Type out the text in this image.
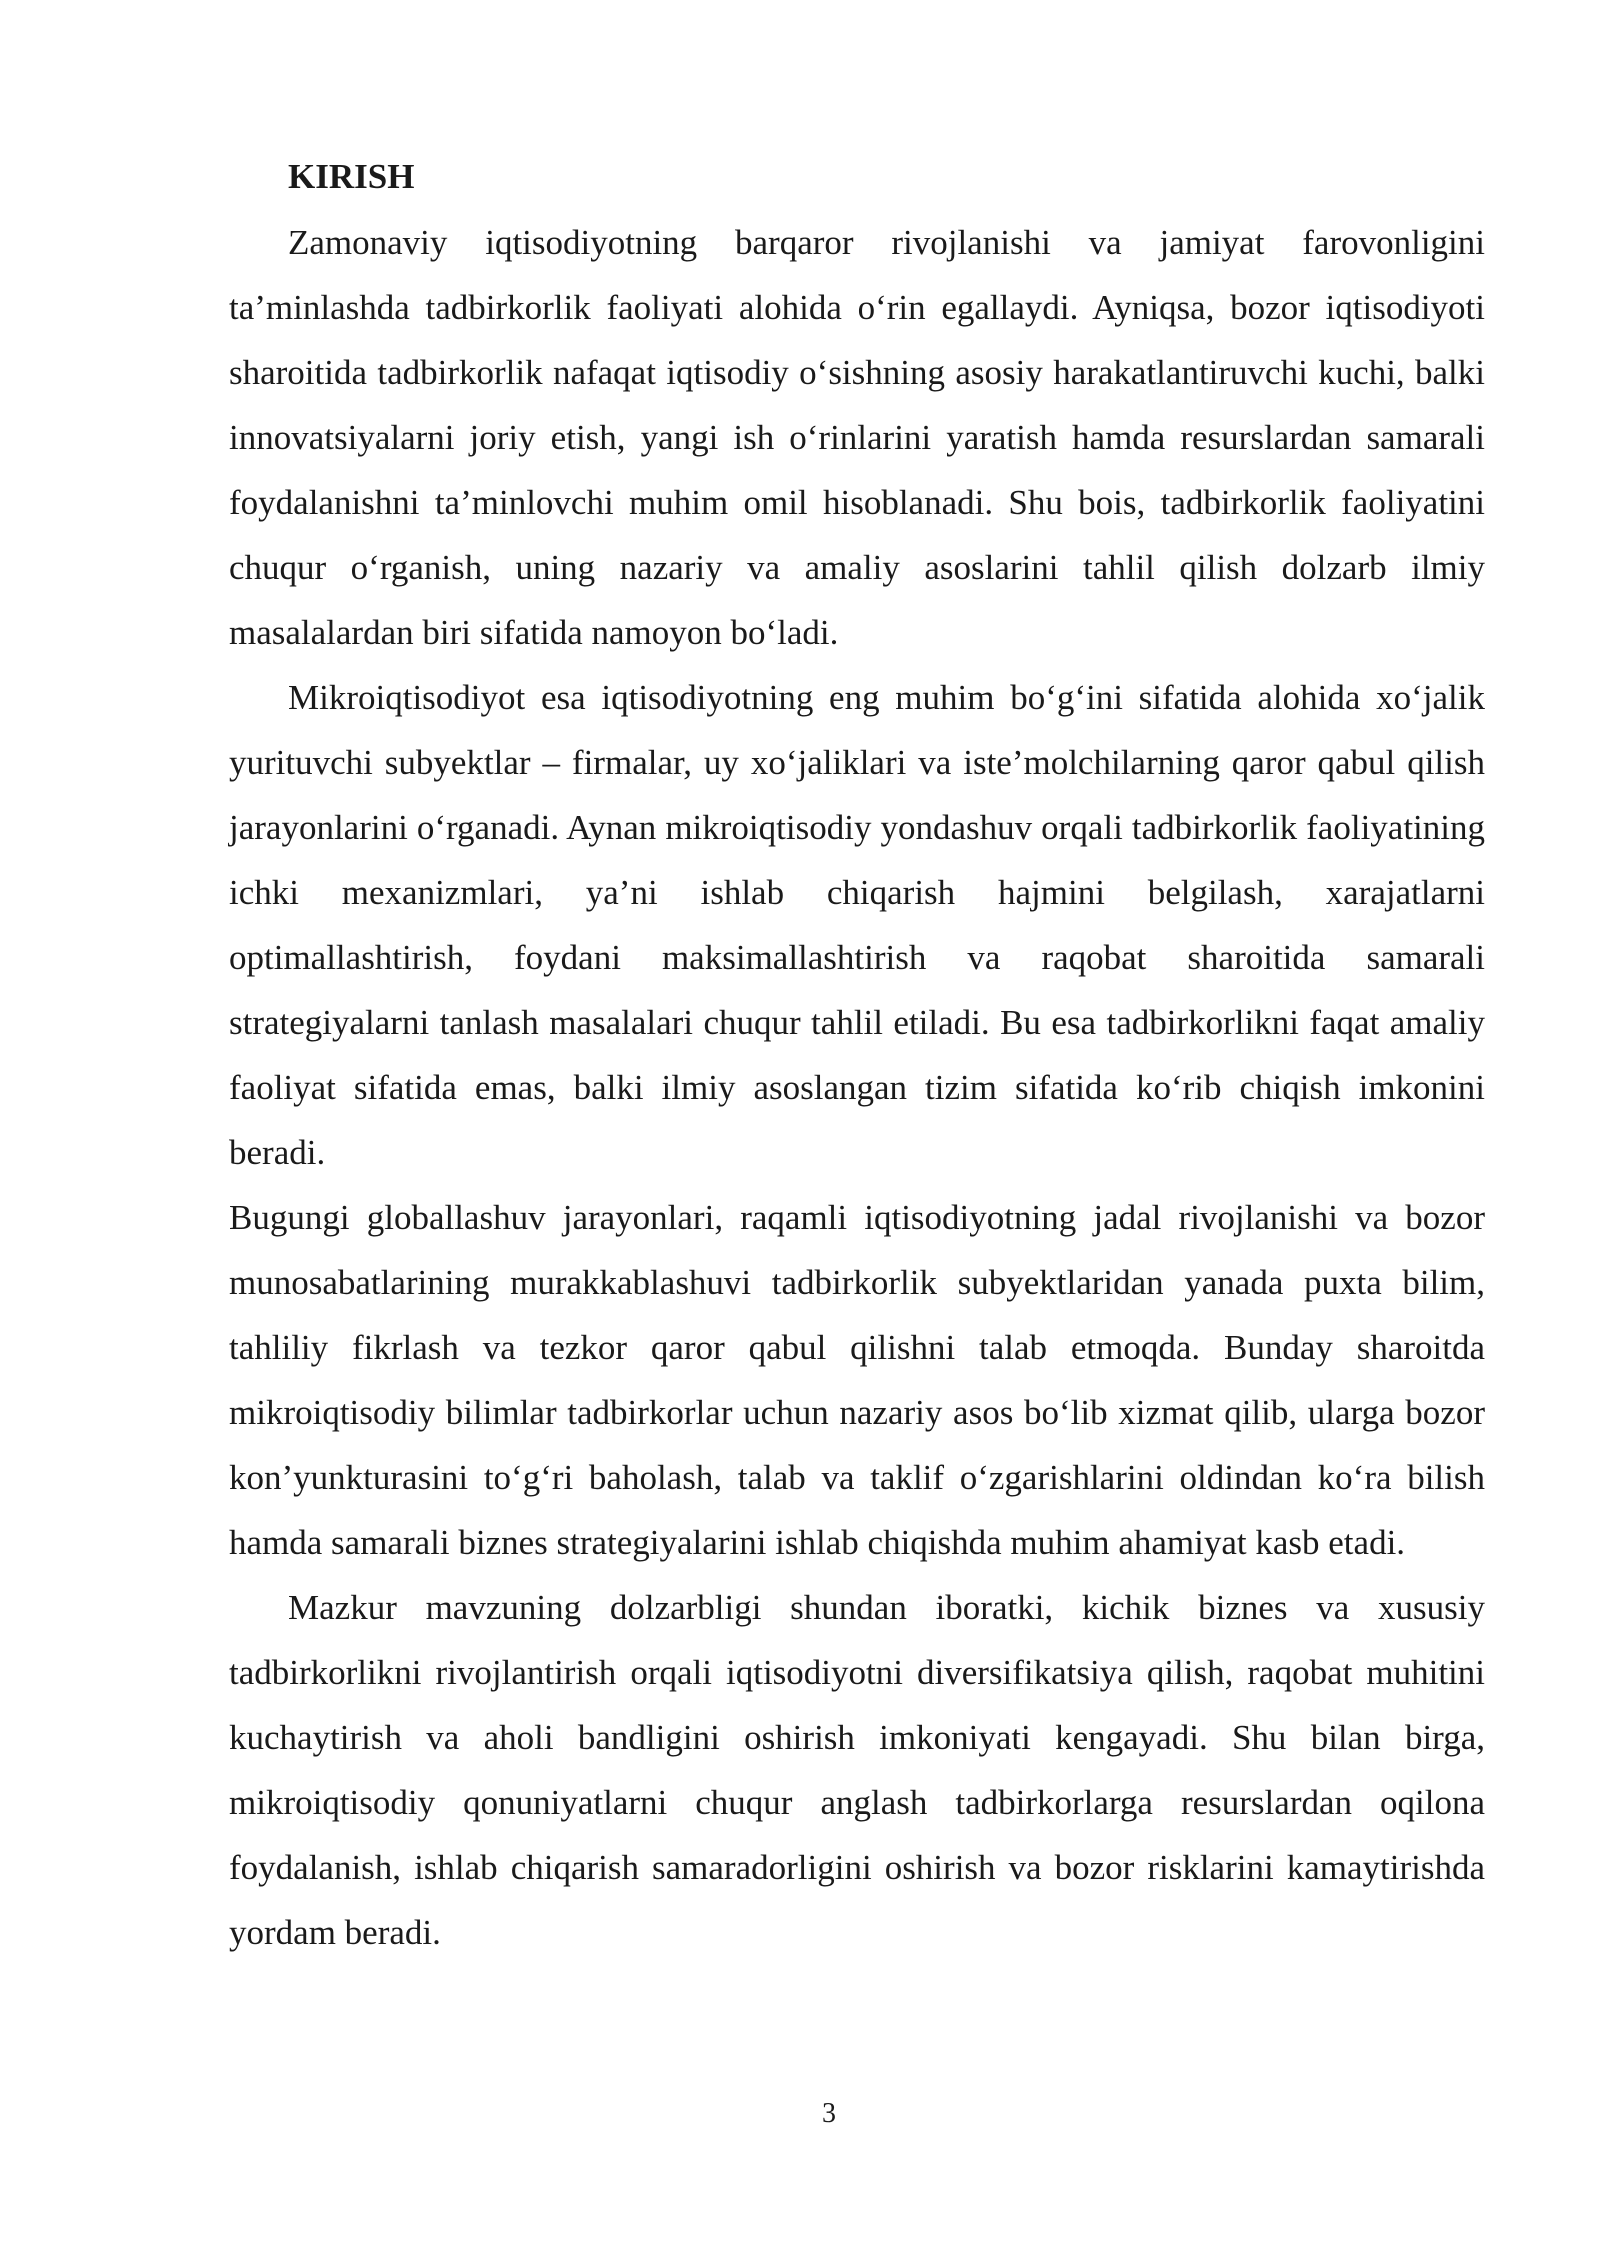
KIRISH

Zamonaviy iqtisodiyotning barqaror rivojlanishi va jamiyat farovonligini ta’minlashda tadbirkorlik faoliyati alohida o‘rin egallaydi. Ayniqsa, bozor iqtisodiyoti sharoitida tadbirkorlik nafaqat iqtisodiy o‘sishning asosiy harakatlantiruvchi kuchi, balki innovatsiyalarni joriy etish, yangi ish o‘rinlarini yaratish hamda resurslardan samarali foydalanishni ta’minlovchi muhim omil hisoblanadi. Shu bois, tadbirkorlik faoliyatini chuqur o‘rganish, uning nazariy va amaliy asoslarini tahlil qilish dolzarb ilmiy masalalardan biri sifatida namoyon bo‘ladi.

Mikroiqtisodiyot esa iqtisodiyotning eng muhim bo‘g‘ini sifatida alohida xo‘jalik yurituvchi subyektlar – firmalar, uy xo‘jaliklari va iste’molchilarning qaror qabul qilish jarayonlarini o‘rganadi. Aynan mikroiqtisodiy yondashuv orqali tadbirkorlik faoliyatining ichki mexanizmlari, ya’ni ishlab chiqarish hajmini belgilash, xarajatlarni optimallashtirish, foydani maksimallashtirish va raqobat sharoitida samarali strategiyalarni tanlash masalalari chuqur tahlil etiladi. Bu esa tadbirkorlikni faqat amaliy faoliyat sifatida emas, balki ilmiy asoslangan tizim sifatida ko‘rib chiqish imkonini beradi.

Bugungi globallashuv jarayonlari, raqamli iqtisodiyotning jadal rivojlanishi va bozor munosabatlarining murakkablashuvi tadbirkorlik subyektlaridan yanada puxta bilim, tahliliy fikrlash va tezkor qaror qabul qilishni talab etmoqda. Bunday sharoitda mikroiqtisodiy bilimlar tadbirkorlar uchun nazariy asos bo‘lib xizmat qilib, ularga bozor kon’yunkturasini to‘g‘ri baholash, talab va taklif o‘zgarishlarini oldindan ko‘ra bilish hamda samarali biznes strategiyalarini ishlab chiqishda muhim ahamiyat kasb etadi.

Mazkur mavzuning dolzarbligi shundan iboratki, kichik biznes va xususiy tadbirkorlikni rivojlantirish orqali iqtisodiyotni diversifikatsiya qilish, raqobat muhitini kuchaytirish va aholi bandligini oshirish imkoniyati kengayadi. Shu bilan birga, mikroiqtisodiy qonuniyatlarni chuqur anglash tadbirkorlarga resurslardan oqilona foydalanish, ishlab chiqarish samaradorligini oshirish va bozor risklarini kamaytirishda yordam beradi.

3
